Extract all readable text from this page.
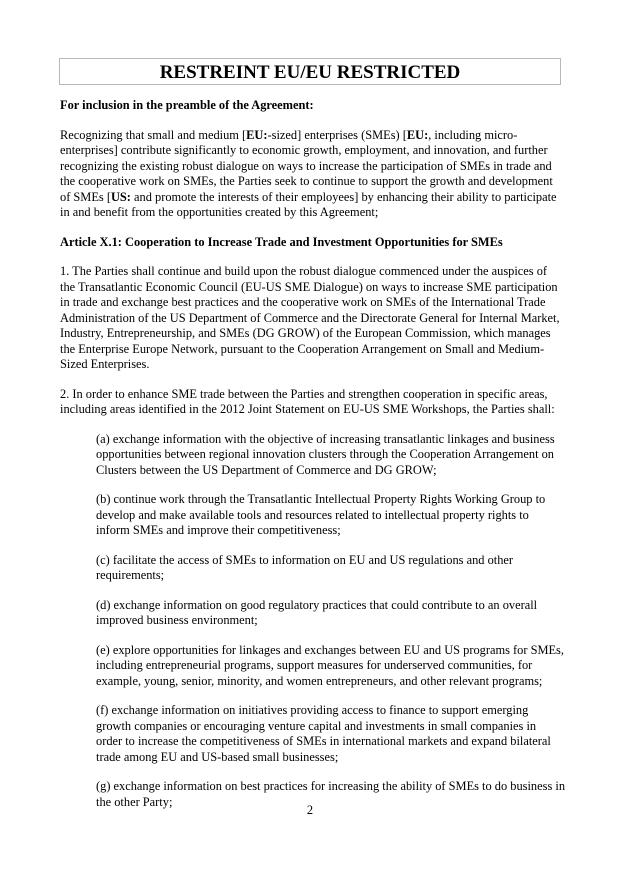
RESTREINT EU/EU RESTRICTED

For inclusion in the preamble of the Agreement:

Recognizing that small and medium [EU:-sized] enterprises (SMEs) [EU:, including micro-enterprises] contribute significantly to economic growth, employment, and innovation, and further recognizing the existing robust dialogue on ways to increase the participation of SMEs in trade and the cooperative work on SMEs, the Parties seek to continue to support the growth and development of SMEs [US: and promote the interests of their employees] by enhancing their ability to participate in and benefit from the opportunities created by this Agreement;

Article X.1: Cooperation to Increase Trade and Investment Opportunities for SMEs

1. The Parties shall continue and build upon the robust dialogue commenced under the auspices of the Transatlantic Economic Council (EU-US SME Dialogue) on ways to increase SME participation in trade and exchange best practices and the cooperative work on SMEs of the International Trade Administration of the US Department of Commerce and the Directorate General for Internal Market, Industry, Entrepreneurship, and SMEs (DG GROW) of the European Commission, which manages the Enterprise Europe Network, pursuant to the Cooperation Arrangement on Small and Medium-Sized Enterprises.

2. In order to enhance SME trade between the Parties and strengthen cooperation in specific areas, including areas identified in the 2012 Joint Statement on EU-US SME Workshops, the Parties shall:

(a) exchange information with the objective of increasing transatlantic linkages and business opportunities between regional innovation clusters through the Cooperation Arrangement on Clusters between the US Department of Commerce and DG GROW;

(b) continue work through the Transatlantic Intellectual Property Rights Working Group to develop and make available tools and resources related to intellectual property rights to inform SMEs and improve their competitiveness;

(c) facilitate the access of SMEs to information on EU and US regulations and other requirements;

(d) exchange information on good regulatory practices that could contribute to an overall improved business environment;

(e) explore opportunities for linkages and exchanges between EU and US programs for SMEs, including entrepreneurial programs, support measures for underserved communities, for example, young, senior, minority, and women entrepreneurs, and other relevant programs;

(f) exchange information on initiatives providing access to finance to support emerging growth companies or encouraging venture capital and investments in small companies in order to increase the competitiveness of SMEs in international markets and expand bilateral trade among EU and US-based small businesses;

(g) exchange information on best practices for increasing the ability of SMEs to do business in the other Party;

2
